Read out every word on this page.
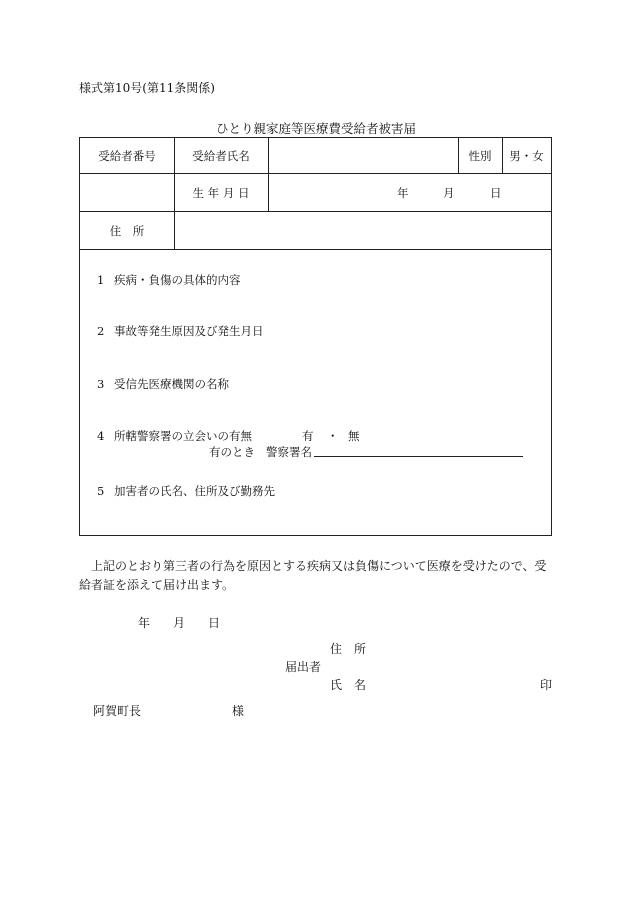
様式第10号(第11条関係)
ひとり親家庭等医療費受給者被害届
受給者番号	受給者氏名	性別	男・女
生 年 月 日	年	月	日
住　所
1 疾病・負傷の具体的内容
2 事故等発生原因及び発生月日
3 受信先医療機関の名称
4 所轄警察署の立会いの有無	有 ・ 無
有のとき 警察署名
5 加害者の氏名、住所及び勤務先
上記のとおり第三者の行為を原因とする疾病又は負傷について医療を受けたので、受給者証を添えて届け出ます。
年 月 日
住　所
届出者
氏　名	印
阿賀町長	様
